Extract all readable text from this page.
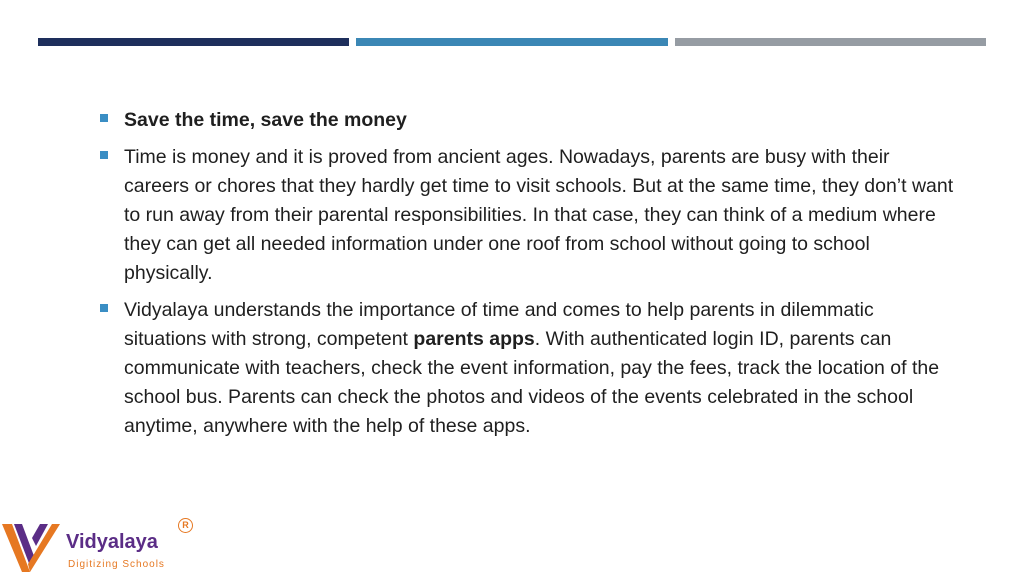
Save the time, save the money
Time is money and it is proved from ancient ages. Nowadays, parents are busy with their careers or chores that they hardly get time to visit schools. But at the same time, they don’t want to run away from their parental responsibilities. In that case, they can think of a medium where they can get all needed information under one roof from school without going to school physically.
Vidyalaya understands the importance of time and comes to help parents in dilemmatic situations with strong, competent parents apps. With authenticated login ID, parents can communicate with teachers, check the event information, pay the fees, track the location of the school bus. Parents can check the photos and videos of the events celebrated in the school anytime, anywhere with the help of these apps.
Vidyalaya
Digitizing Schools
R
